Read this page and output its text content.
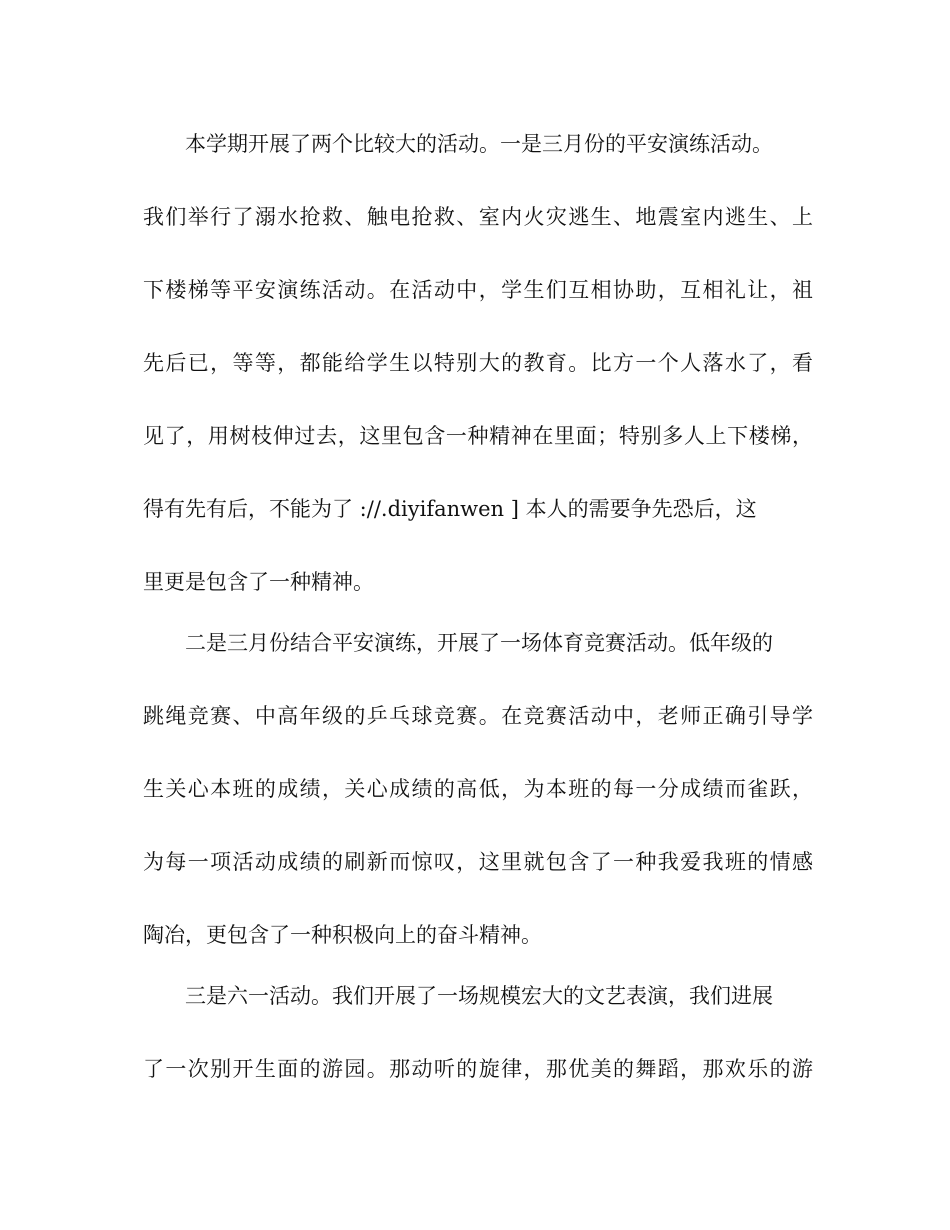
本学期开展了两个比较大的活动。一是三月份的平安演练活动。
我们举行了溺水抢救、触电抢救、室内火灾逃生、地震室内逃生、上
下楼梯等平安演练活动。在活动中，学生们互相协助，互相礼让，祖
先后已，等等，都能给学生以特别大的教育。比方一个人落水了，看
见了，用树枝伸过去，这里包含一种精神在里面；特别多人上下楼梯，
得有先有后，不能为了 ://.diyifanwen ] 本人的需要争先恐后，这
里更是包含了一种精神。
二是三月份结合平安演练，开展了一场体育竞赛活动。低年级的
跳绳竞赛、中高年级的乒乓球竞赛。在竞赛活动中，老师正确引导学
生关心本班的成绩，关心成绩的高低，为本班的每一分成绩而雀跃，
为每一项活动成绩的刷新而惊叹，这里就包含了一种我爱我班的情感
陶冶，更包含了一种积极向上的奋斗精神。
三是六一活动。我们开展了一场规模宏大的文艺表演，我们进展
了一次别开生面的游园。那动听的旋律，那优美的舞蹈，那欢乐的游
